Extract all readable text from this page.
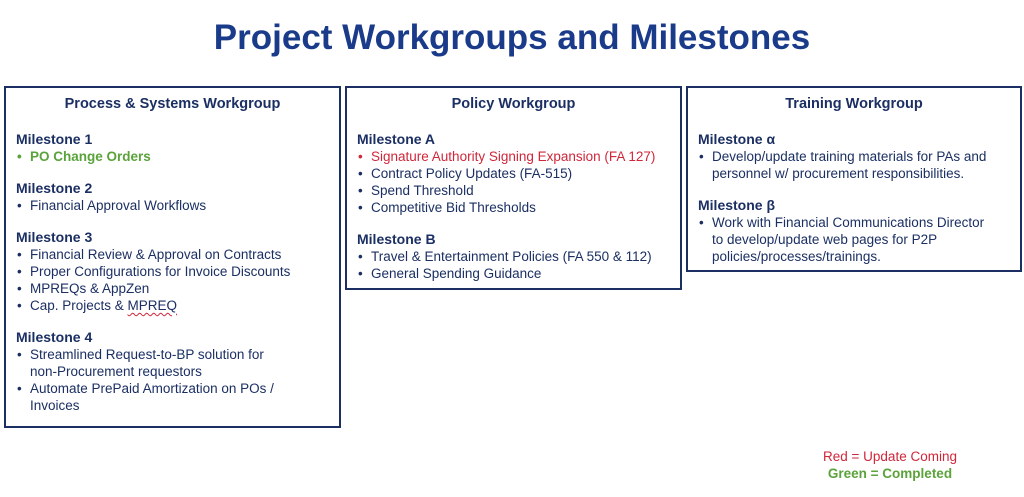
Project Workgroups and Milestones
Process & Systems Workgroup
Milestone 1
• PO Change Orders
Milestone 2
• Financial Approval Workflows
Milestone 3
• Financial Review & Approval on Contracts
• Proper Configurations for Invoice Discounts
• MPREQs & AppZen
• Cap. Projects & MPREQ
Milestone 4
• Streamlined Request-to-BP solution for
non-Procurement requestors
• Automate PrePaid Amortization on POs /
Invoices
Policy Workgroup
Milestone A
• Signature Authority Signing Expansion (FA 127)
• Contract Policy Updates (FA-515)
• Spend Threshold
• Competitive Bid Thresholds
Milestone B
• Travel & Entertainment Policies (FA 550 & 112)
• General Spending Guidance
Training Workgroup
Milestone α
• Develop/update training materials for PAs and
personnel w/ procurement responsibilities.
Milestone β
• Work with Financial Communications Director
to develop/update web pages for P2P
policies/processes/trainings.
Red = Update Coming
Green = Completed
